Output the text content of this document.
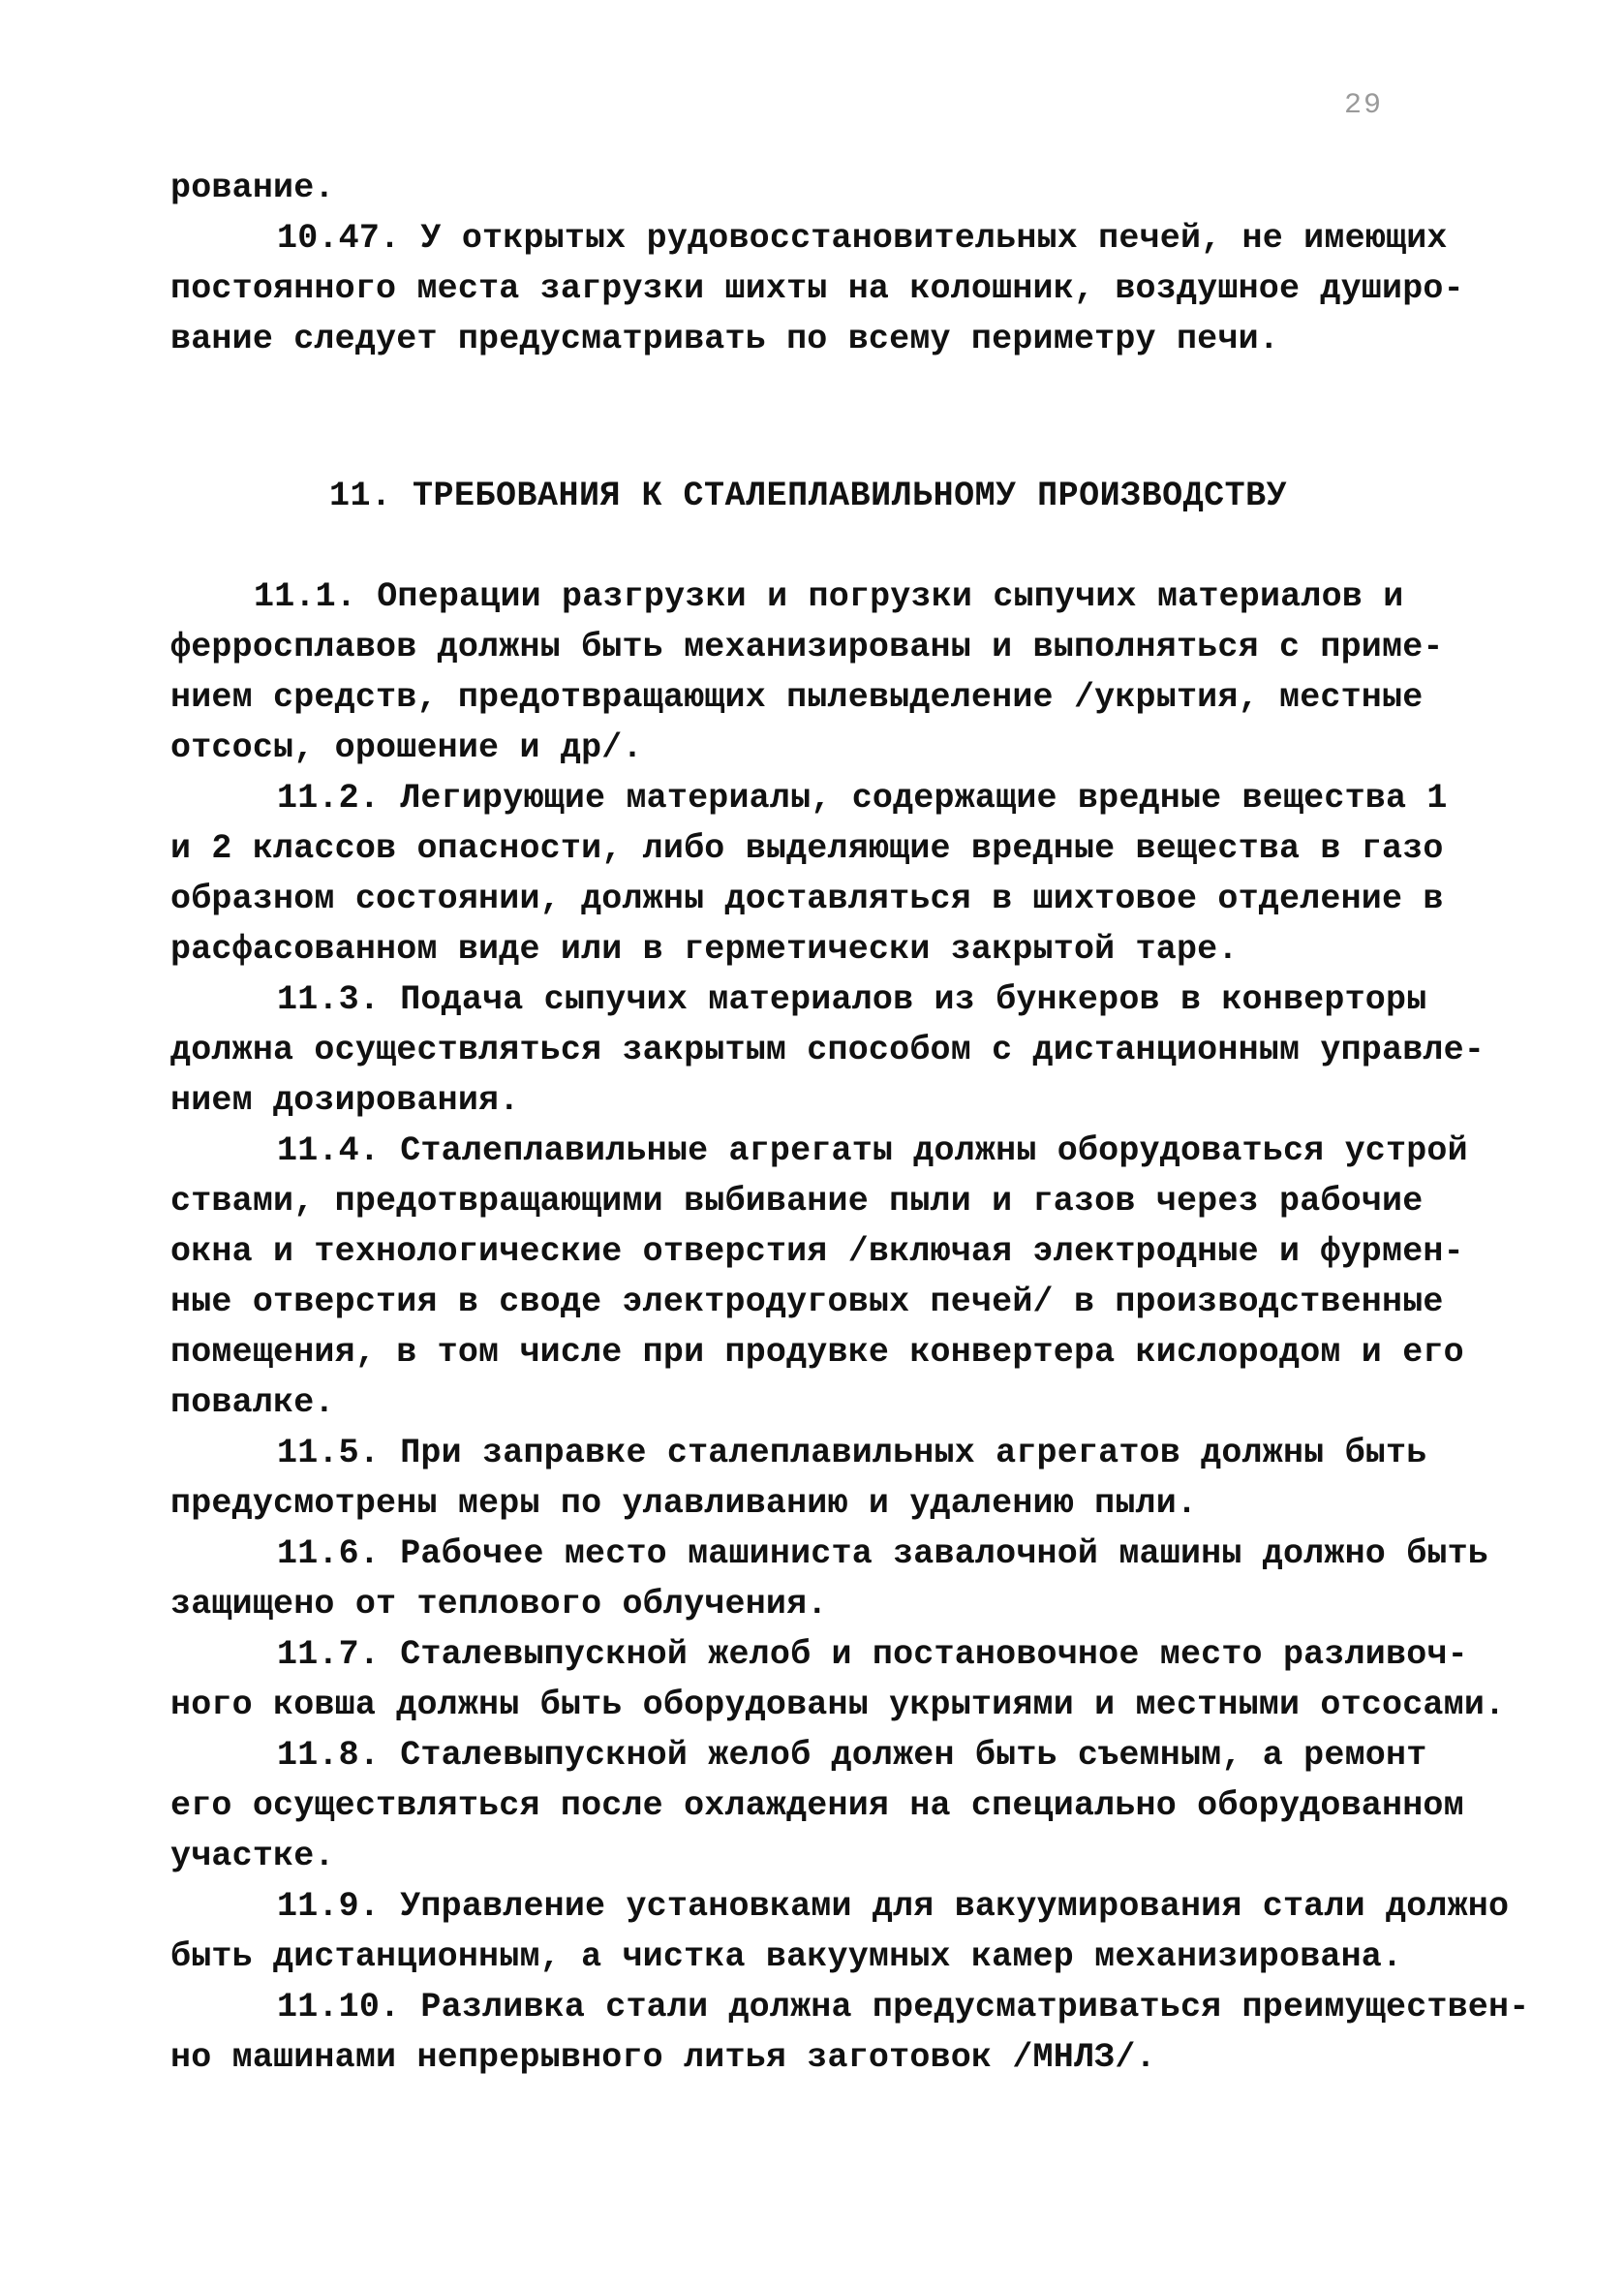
29
рование.
10.47. У открытых рудовосстановительных печей, не имеющих
постоянного места загрузки шихты на колошник, воздушное душиро-
вание следует предусматривать по всему периметру печи.
11. ТРЕБОВАНИЯ К СТАЛЕПЛАВИЛЬНОМУ ПРОИЗВОДСТВУ
11.1. Операции разгрузки и погрузки сыпучих материалов и
ферросплавов должны быть механизированы и выполняться с приме-
нием средств, предотвращающих пылевыделение /укрытия, местные
отсосы, орошение и др/.
11.2. Легирующие материалы, содержащие вредные вещества 1
и 2 классов опасности, либо выделяющие вредные вещества в газо
образном состоянии, должны доставляться в шихтовое отделение в
расфасованном виде или в герметически закрытой таре.
11.3. Подача сыпучих материалов из бункеров в конверторы
должна осуществляться закрытым способом с дистанционным управле-
нием дозирования.
11.4. Сталеплавильные агрегаты должны оборудоваться устрой
ствами, предотвращающими выбивание пыли и газов через рабочие
окна и технологические отверстия /включая электродные и фурмен-
ные отверстия в своде электродуговых печей/ в производственные
помещения, в том числе при продувке конвертера кислородом и его
повалке.
11.5. При заправке сталеплавильных агрегатов должны быть
предусмотрены меры по улавливанию и удалению пыли.
11.6. Рабочее место машиниста завалочной машины должно быть
защищено от теплового облучения.
11.7. Сталевыпускной желоб и постановочное место разливоч-
ного ковша должны быть оборудованы укрытиями и местными отсосами.
11.8. Сталевыпускной желоб должен быть съемным, а ремонт
его осуществляться после охлаждения на специально оборудованном
участке.
11.9. Управление установками для вакуумирования стали должно
быть дистанционным, а чистка вакуумных камер механизирована.
11.10. Разливка стали должна предусматриваться преимуществен-
но машинами непрерывного литья заготовок /МНЛЗ/.
